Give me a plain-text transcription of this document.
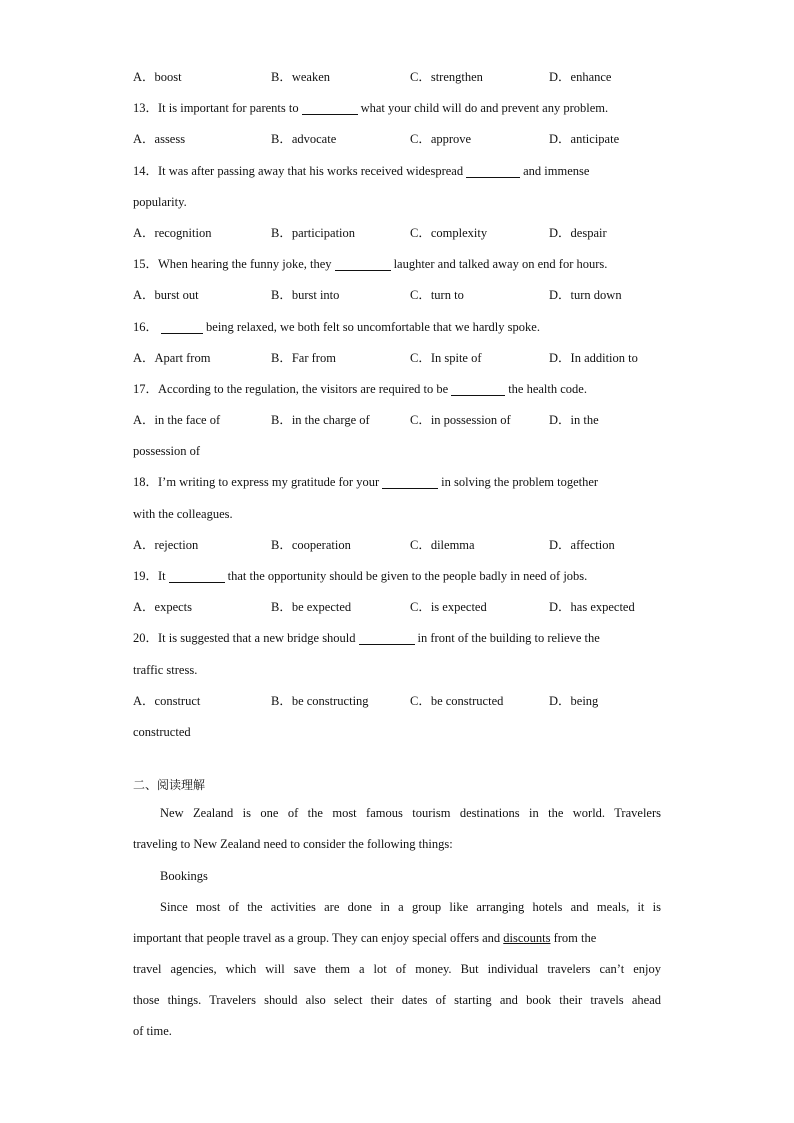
A．boost	B．weaken	C．strengthen	D．enhance
13．It is important for parents to	what your child will do and prevent any problem.
A．assess	B．advocate	C．approve	D．anticipate
14．It was after passing away that his works received widespread	and immense
popularity.
A．recognition	B．participation	C．complexity	D．despair
15．When hearing the funny joke, they	laughter and talked away on end for hours.
A．burst out	B．burst into	C．turn to	D．turn down
16．	being relaxed, we both felt so uncomfortable that we hardly spoke.
A．Apart from	B．Far from	C．In spite of	D．In addition to
17．According to the regulation, the visitors are required to be	the health code.
A．in the face of	B．in the charge of	C．in possession of	D．in the
possession of
18．I’m writing to express my gratitude for your	in solving the problem together
with the colleagues.
A．rejection	B．cooperation	C．dilemma	D．affection
19．It	that the opportunity should be given to the people badly in need of jobs.
A．expects	B．be expected	C．is expected	D．has expected
20．It is suggested that a new bridge should	in front of the building to relieve the
traffic stress.
A．construct	B．be constructing	C．be constructed	D．being
constructed
二、阅读理解
New Zealand is one of the most famous tourism destinations in the world. Travelers
traveling to New Zealand need to consider the following things:
Bookings
Since most of the activities are done in a group like arranging hotels and meals, it is
important that people travel as a group. They can enjoy special offers and discounts from the
travel agencies, which will save them a lot of money. But individual travelers can’t enjoy
those things. Travelers should also select their dates of starting and book their travels ahead
of time.
